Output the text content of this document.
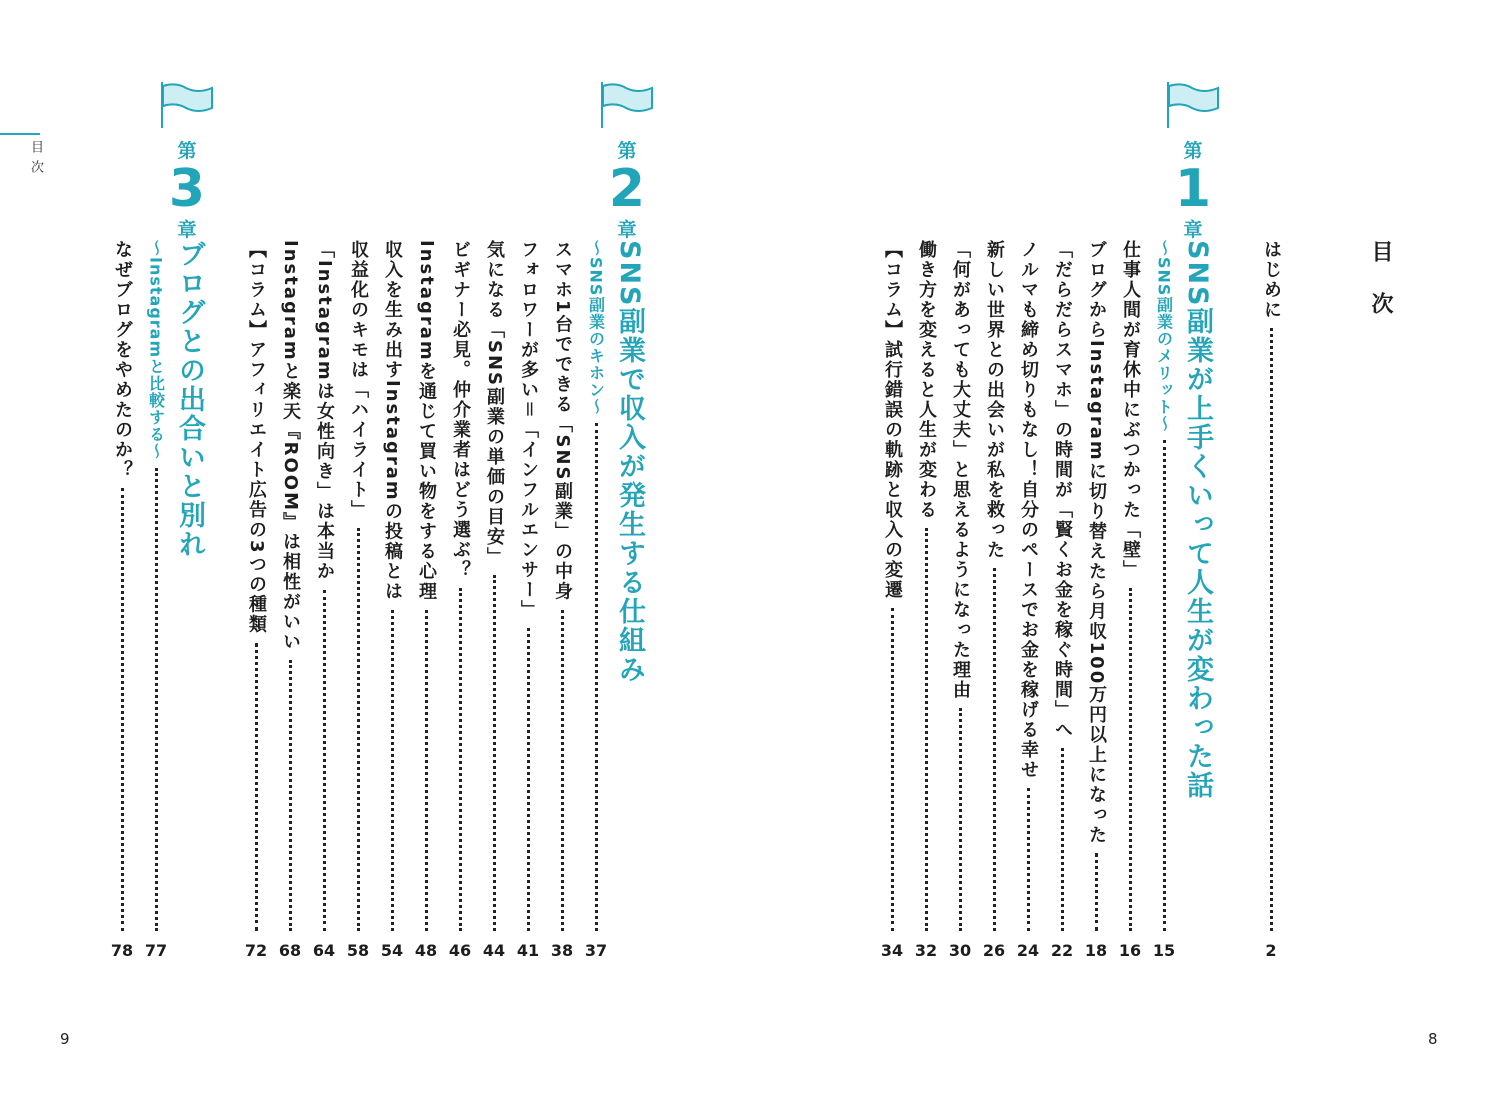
目次
目次
はじめに
2
第
1
章
第
2
章
第
3
章
SNS副業が上手くいって人生が変わった話
～SNS副業のメリット～
15
仕事人間が育休中にぶつかった「壁」
16
ブログからInstagramに切り替えたら月収100万円以上になった
18
「だらだらスマホ」の時間が「賢くお金を稼ぐ時間」へ
22
ノルマも締め切りもなし！自分のペースでお金を稼げる幸せ
24
新しい世界との出会いが私を救った
26
「何があっても大丈夫」と思えるようになった理由
30
働き方を変えると人生が変わる
32
【コラム】試行錯誤の軌跡と収入の変遷
34
SNS副業で収入が発生する仕組み
～SNS副業のキホン～
37
スマホ1台でできる「SNS副業」の中身
38
フォロワーが多い＝「インフルエンサー」
41
気になる「SNS副業の単価の目安」
44
ビギナー必見。仲介業者はどう選ぶ？
46
Instagramを通じて買い物をする心理
48
収入を生み出すInstagramの投稿とは
54
収益化のキモは「ハイライト」
58
「Instagramは女性向き」は本当か
64
Instagramと楽天『ROOM』は相性がいい
68
【コラム】アフィリエイト広告の3つの種類
72
ブログとの出合いと別れ
～Instagramと比較する～
77
なぜブログをやめたのか？
78
9	8
